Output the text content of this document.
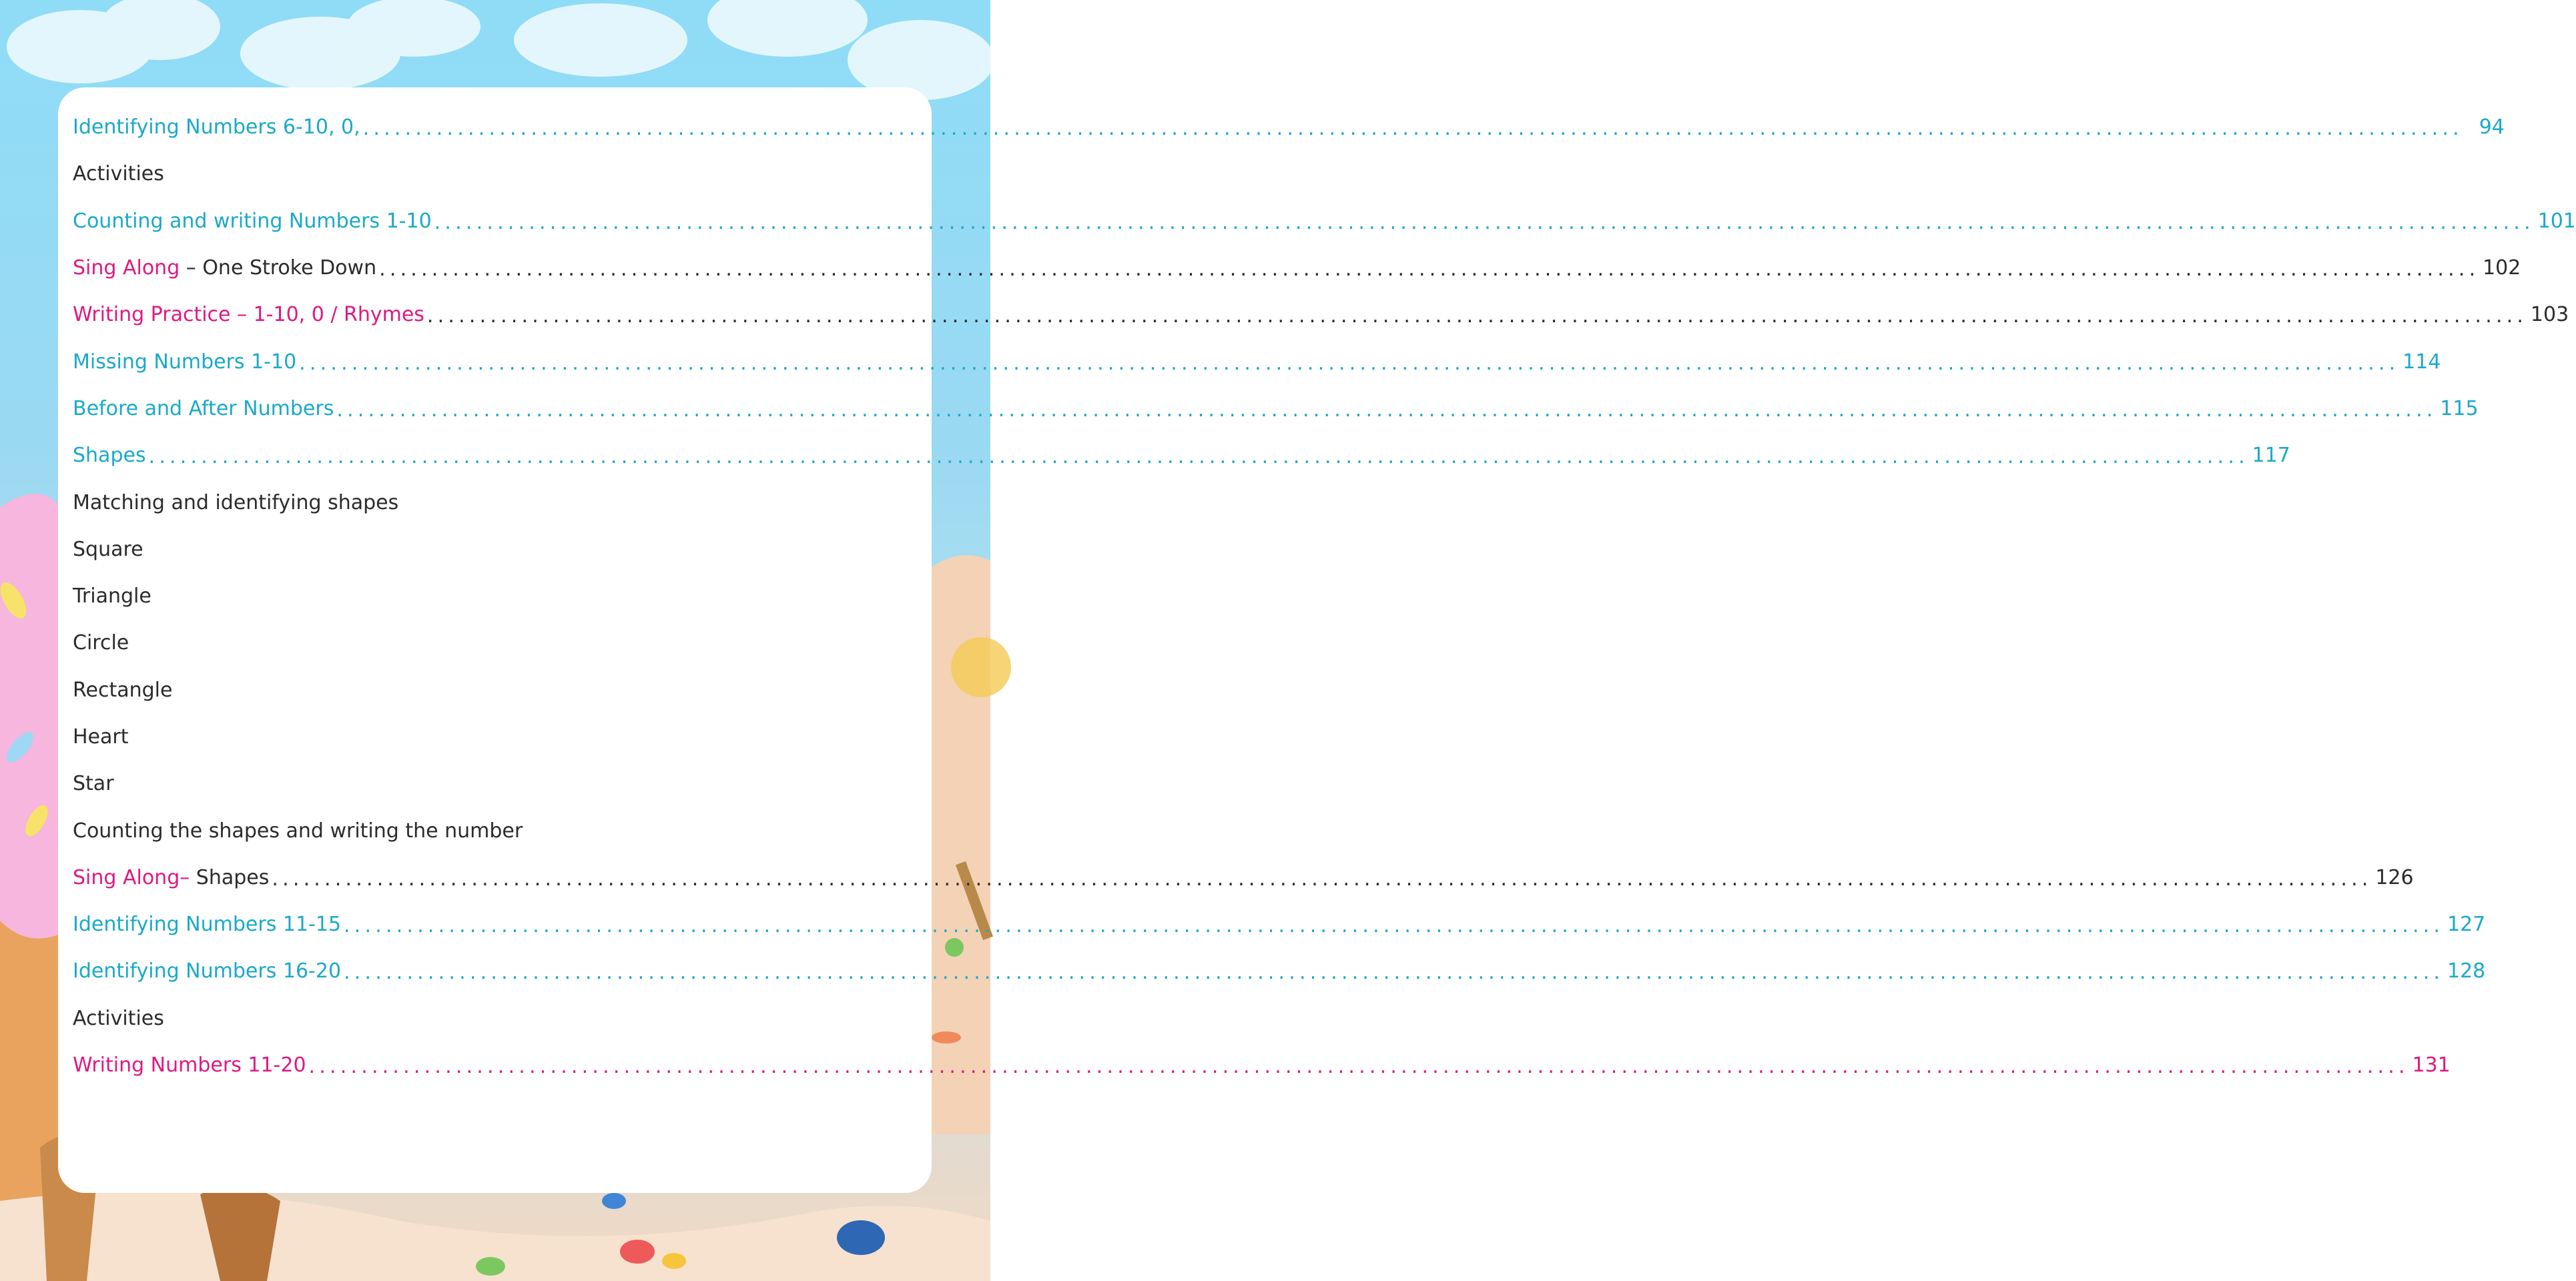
Identifying Numbers 6-10, 0, ........................................................................................................................................................................................................ 94
Activities
Counting and writing Numbers 1-10 ........................................................................................................................................................................................................ 101
Sing Along – One Stroke Down ........................................................................................................................................................................................................ 102
Writing Practice – 1-10, 0 / Rhymes ........................................................................................................................................................................................................ 103
Missing Numbers 1-10 ........................................................................................................................................................................................................ 114
Before and After Numbers ........................................................................................................................................................................................................ 115
Shapes ........................................................................................................................................................................................................ 117
Matching and identifying shapes
Square
Triangle
Circle
Rectangle
Heart
Star
Counting the shapes and writing the number
Sing Along– Shapes ........................................................................................................................................................................................................ 126
Identifying Numbers 11-15 ........................................................................................................................................................................................................ 127
Identifying Numbers 16-20 ........................................................................................................................................................................................................ 128
Activities
Writing Numbers 11-20 ........................................................................................................................................................................................................ 131
